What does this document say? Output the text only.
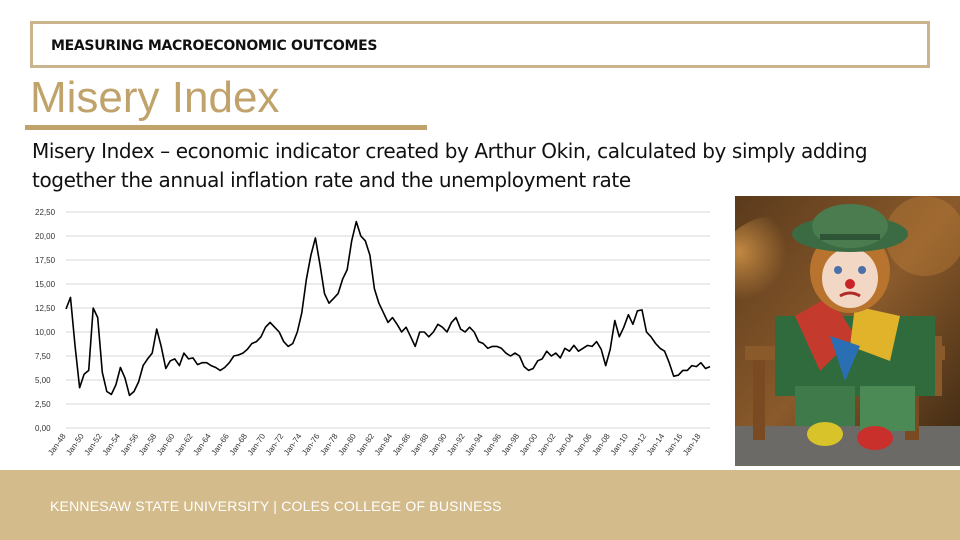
MEASURING MACROECONOMIC OUTCOMES
Misery Index
Misery Index – economic indicator created by Arthur Okin, calculated by simply adding together the annual inflation rate and the unemployment rate
0,00
2,50
5,00
7,50
10,00
12,50
15,00
17,50
20,00
22,50
Jan-48
Jan-50
Jan-52
Jan-54
Jan-56
Jan-58
Jan-60
Jan-62
Jan-64
Jan-66
Jan-68
Jan-70
Jan-72
Jan-74
Jan-76
Jan-78
Jan-80
Jan-82
Jan-84
Jan-86
Jan-88
Jan-90
Jan-92
Jan-94
Jan-96
Jan-98
Jan-00
Jan-02
Jan-04
Jan-06
Jan-08
Jan-10
Jan-12
Jan-14
Jan-16
Jan-18
KENNESAW STATE UNIVERSITY | COLES COLLEGE OF BUSINESS
